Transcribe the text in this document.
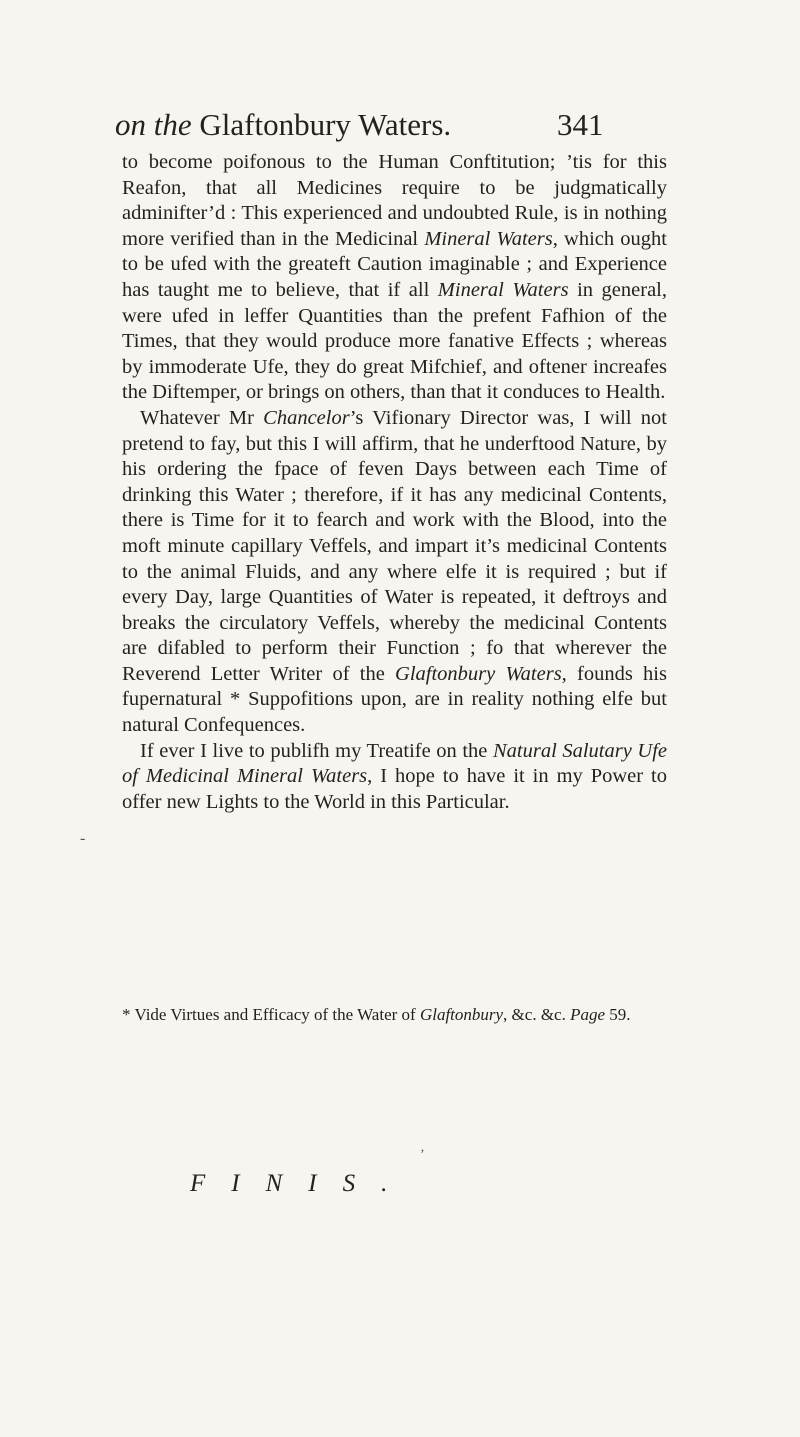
on the Glaftonbury Waters.	341

to become poifonous to the Human Conftitution; ’tis for this Reafon, that all Medicines require to be judgmatically adminifter’d : This experienced and undoubted Rule, is in nothing more verified than in the Medicinal Mineral Waters, which ought to be ufed with the greateft Caution imaginable ; and Experience has taught me to believe, that if all Mineral Waters in general, were ufed in leffer Quantities than the prefent Fafhion of the Times, that they would produce more fanative Effects ; whereas by immoderate Ufe, they do great Mifchief, and oftener increafes the Diftemper, or brings on others, than that it conduces to Health.

Whatever Mr Chancelor’s Vifionary Director was, I will not pretend to fay, but this I will affirm, that he underftood Nature, by his ordering the fpace of feven Days between each Time of drinking this Water ; therefore, if it has any medicinal Contents, there is Time for it to fearch and work with the Blood, into the moft minute capillary Veffels, and impart it’s medicinal Contents to the animal Fluids, and any where elfe it is required ; but if every Day, large Quantities of Water is repeated, it deftroys and breaks the circulatory Veffels, whereby the medicinal Contents are difabled to perform their Function ; fo that wherever the Reverend Letter Writer of the Glaftonbury Waters, founds his fupernatural * Suppofitions upon, are in reality nothing elfe but natural Confequences.

If ever I live to publifh my Treatife on the Natural Salutary Ufe of Medicinal Mineral Waters, I hope to have it in my Power to offer new Lights to the World in this Particular.

* Vide Virtues and Efficacy of the Water of Glaftonbury, &c. &c. Page 59.
FINIS.
-
‚
